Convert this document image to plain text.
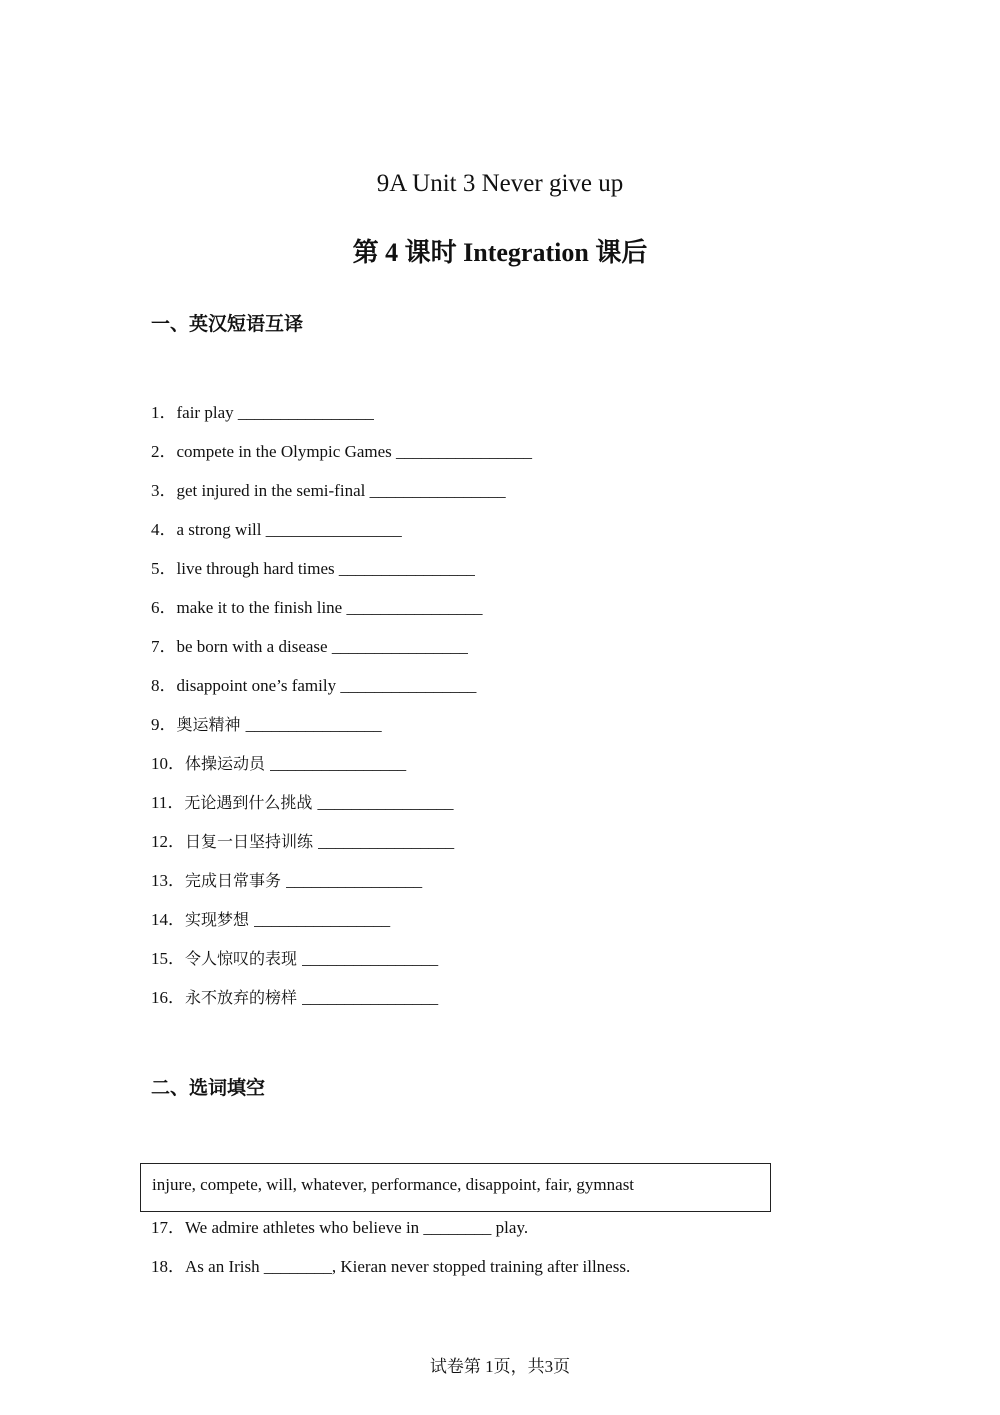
9A Unit 3 Never give up
第 4 课时 Integration 课后
一、英汉短语互译
1．fair play ________________
2．compete in the Olympic Games ________________
3．get injured in the semi-final ________________
4．a strong will ________________
5．live through hard times ________________
6．make it to the finish line ________________
7．be born with a disease ________________
8．disappoint one’s family ________________
9．奥运精神 ________________
10．体操运动员 ________________
11．无论遇到什么挑战 ________________
12．日复一日坚持训练 ________________
13．完成日常事务 ________________
14．实现梦想 ________________
15．令人惊叹的表现 ________________
16．永不放弃的榜样 ________________
二、选词填空
injure, compete, will, whatever, performance, disappoint, fair, gymnast
17．We admire athletes who believe in ________ play.
18．As an Irish ________, Kieran never stopped training after illness.
试卷第 1页，共3页
